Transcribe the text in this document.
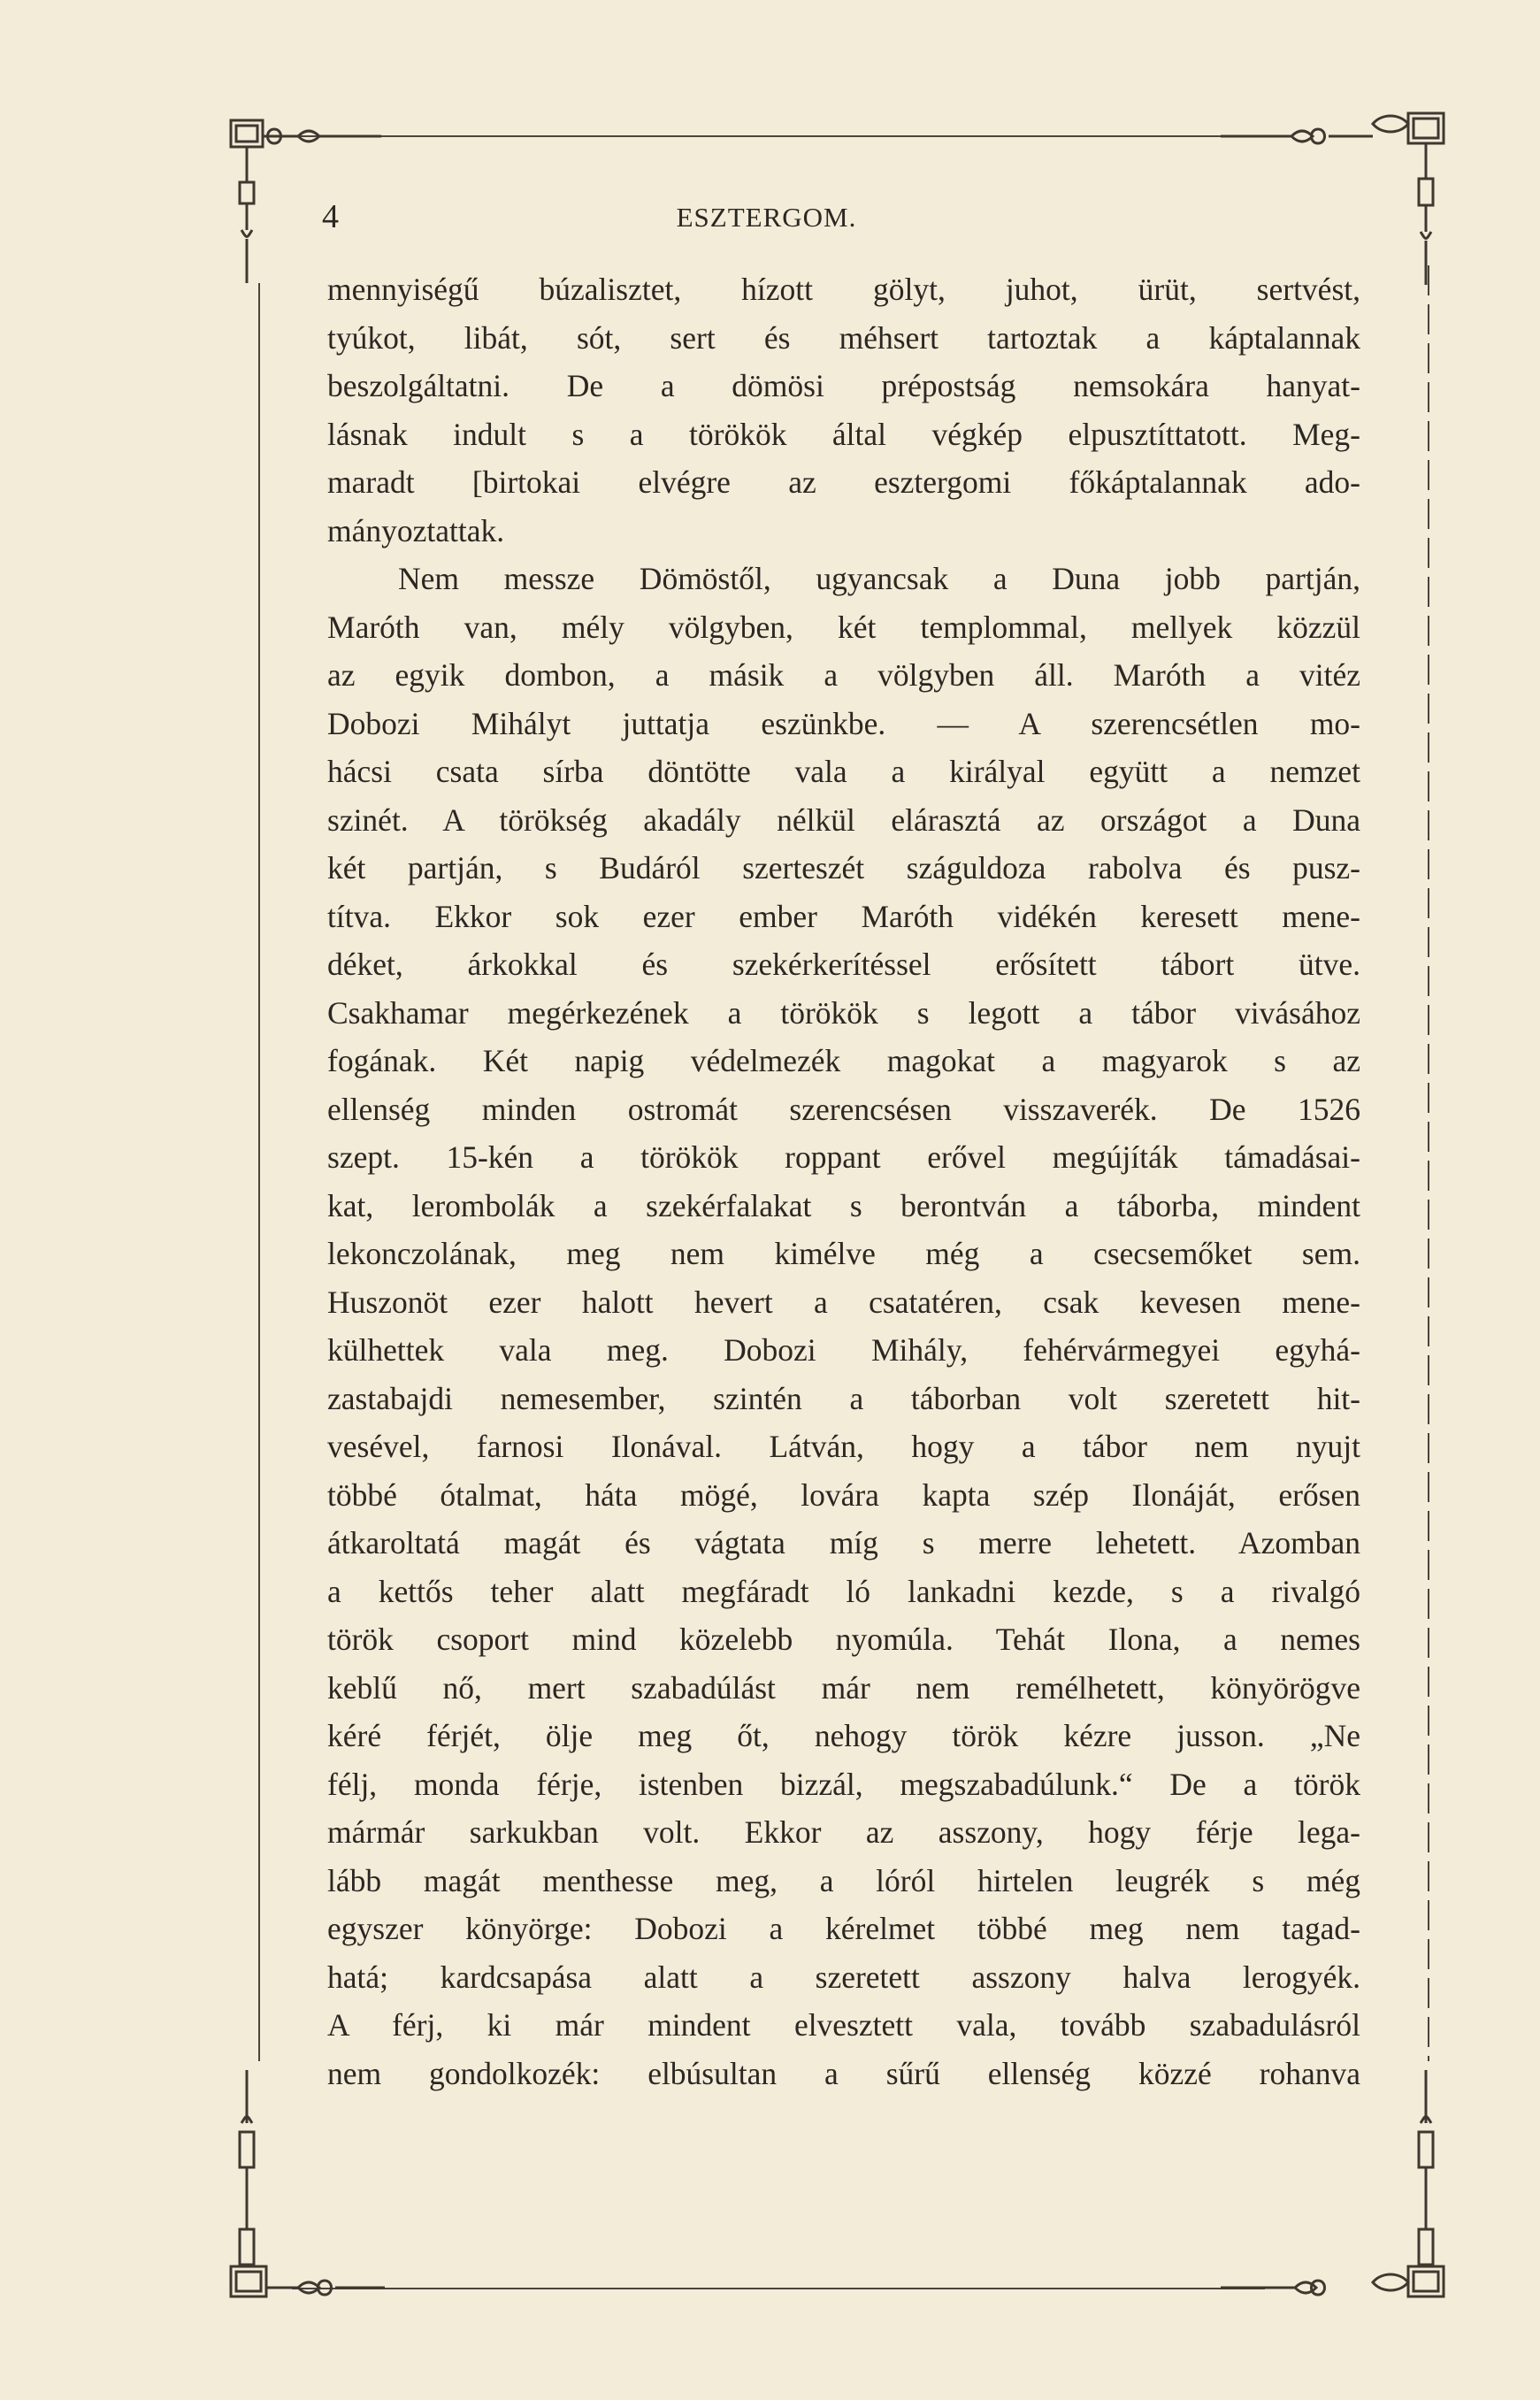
4	ESZTERGOM.
mennyiségű búzalisztet, hízott gölyt, juhot, ürüt, sertvést,
tyúkot, libát, sót, sert és méhsert tartoztak a káptalannak
beszolgáltatni. De a dömösi prépostság nemsokára hanyat-
lásnak indult s a törökök által végkép elpusztíttatott. Meg-
maradt [birtokai elvégre az esztergomi főkáptalannak ado-
mányoztattak.
Nem messze Dömöstől, ugyancsak a Duna jobb partján,
Maróth van, mély völgyben, két templommal, mellyek közzül
az egyik dombon, a másik a völgyben áll. Maróth a vitéz
Dobozi Mihályt juttatja eszünkbe. — A szerencsétlen mo-
hácsi csata sírba döntötte vala a királyal együtt a nemzet
szinét. A törökség akadály nélkül elárasztá az országot a Duna
két partján, s Budáról szerteszét száguldoza rabolva és pusz-
títva. Ekkor sok ezer ember Maróth vidékén keresett mene-
déket, árkokkal és szekérkerítéssel erősített tábort ütve.
Csakhamar megérkezének a törökök s legott a tábor vivásához
fogának. Két napig védelmezék magokat a magyarok s az
ellenség minden ostromát szerencsésen visszaverék. De 1526
szept. 15-kén a törökök roppant erővel megújíták támadásai-
kat, lerombolák a szekérfalakat s berontván a táborba, mindent
lekonczolának, meg nem kimélve még a csecsemőket sem.
Huszonöt ezer halott hevert a csatatéren, csak kevesen mene-
külhettek vala meg. Dobozi Mihály, fehérvármegyei egyhá-
zastabajdi nemesember, szintén a táborban volt szeretett hit-
vesével, farnosi Ilonával. Látván, hogy a tábor nem nyujt
többé ótalmat, háta mögé, lovára kapta szép Ilonáját, erősen
átkaroltatá magát és vágtata míg s merre lehetett. Azomban
a kettős teher alatt megfáradt ló lankadni kezde, s a rivalgó
török csoport mind közelebb nyomúla. Tehát Ilona, a nemes
keblű nő, mert szabadúlást már nem remélhetett, könyörögve
kéré férjét, ölje meg őt, nehogy török kézre jusson. „Ne
félj, monda férje, istenben bizzál, megszabadúlunk.“ De a török
mármár sarkukban volt. Ekkor az asszony, hogy férje lega-
lább magát menthesse meg, a lóról hirtelen leugrék s még
egyszer könyörge: Dobozi a kérelmet többé meg nem tagad-
hatá; kardcsapása alatt a szeretett asszony halva lerogyék.
A férj, ki már mindent elvesztett vala, tovább szabadulásról
nem gondolkozék: elbúsultan a sűrű ellenség közzé rohanva
